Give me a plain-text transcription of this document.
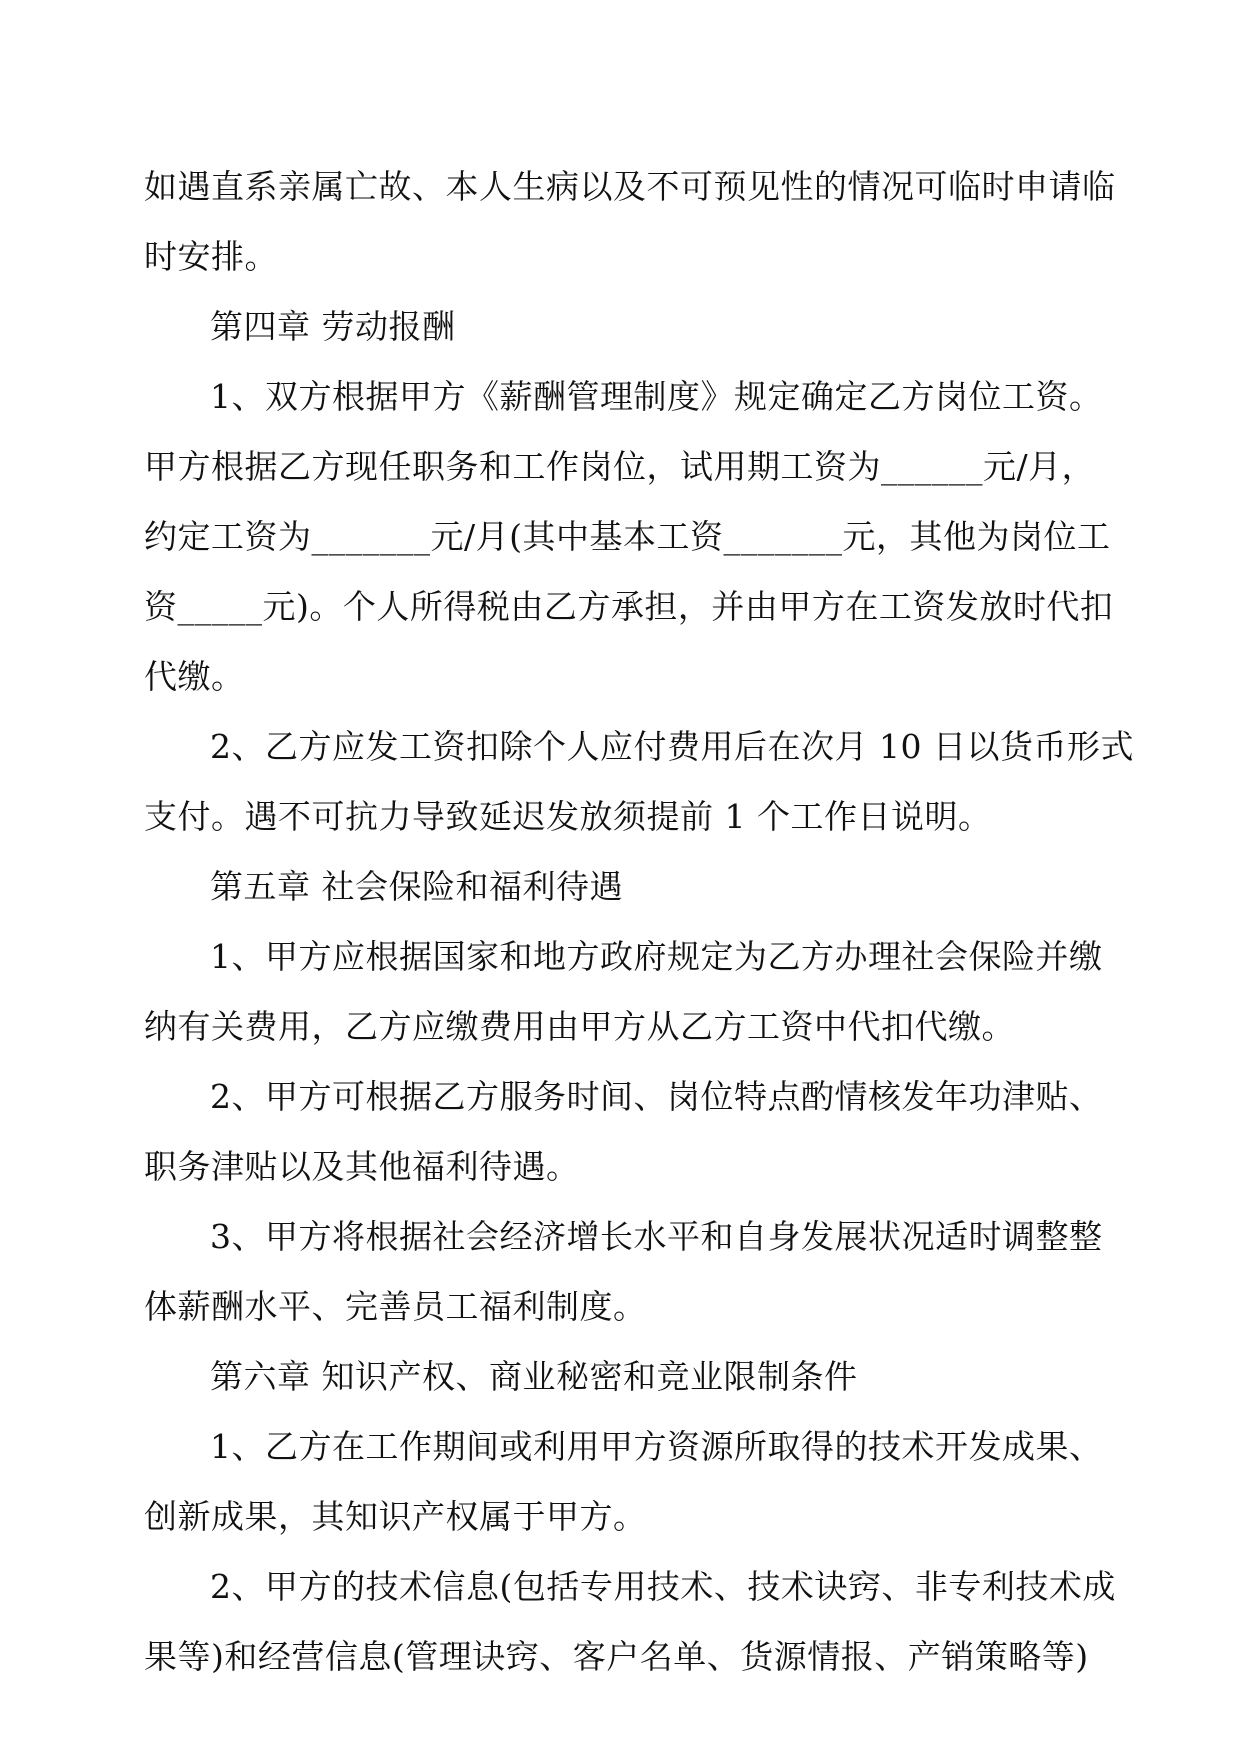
如遇直系亲属亡故、本人生病以及不可预见性的情况可临时申请临
时安排。
第四章 劳动报酬
1、双方根据甲方《薪酬管理制度》规定确定乙方岗位工资。
甲方根据乙方现任职务和工作岗位，试用期工资为______元/月，
约定工资为_______元/月(其中基本工资_______元，其他为岗位工
资_____元)。个人所得税由乙方承担，并由甲方在工资发放时代扣
代缴。
2、乙方应发工资扣除个人应付费用后在次月 10 日以货币形式
支付。遇不可抗力导致延迟发放须提前 1 个工作日说明。
第五章 社会保险和福利待遇
1、甲方应根据国家和地方政府规定为乙方办理社会保险并缴
纳有关费用，乙方应缴费用由甲方从乙方工资中代扣代缴。
2、甲方可根据乙方服务时间、岗位特点酌情核发年功津贴、
职务津贴以及其他福利待遇。
3、甲方将根据社会经济增长水平和自身发展状况适时调整整
体薪酬水平、完善员工福利制度。
第六章 知识产权、商业秘密和竞业限制条件
1、乙方在工作期间或利用甲方资源所取得的技术开发成果、
创新成果，其知识产权属于甲方。
2、甲方的技术信息(包括专用技术、技术诀窍、非专利技术成
果等)和经营信息(管理诀窍、客户名单、货源情报、产销策略等)
